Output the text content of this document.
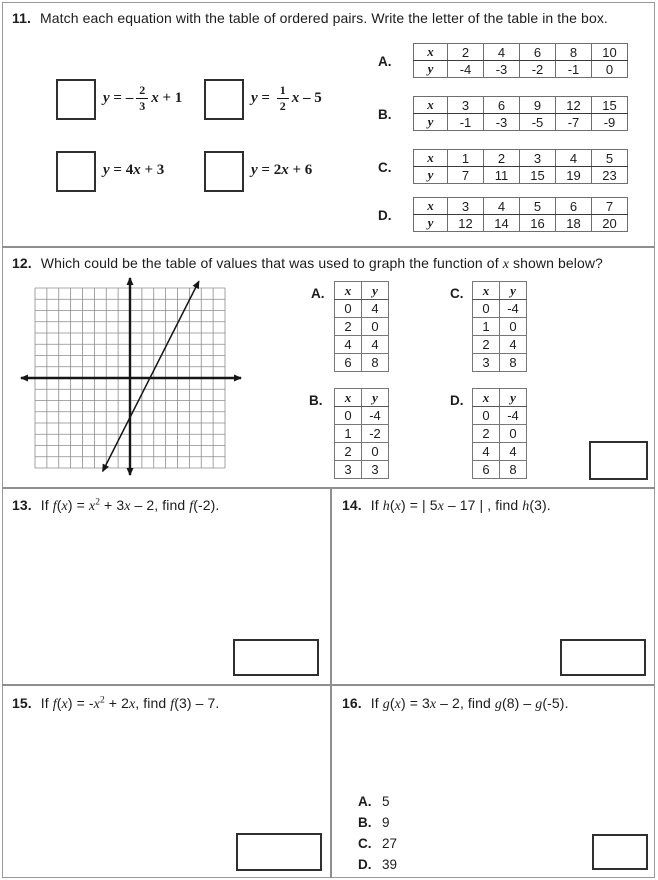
11. Match each equation with the table of ordered pairs. Write the letter of the table in the box.
y = – $\frac{2}{3}$ x + 1	$y = \frac{1}{2}$ x – 5
y = 4 x + 3	y = 2 x + 6
A.
x	2	4	6	8	10
y	-4	-3	-2	-1	0
B.
x	3	6	9	12	15
y	-1	-3	-5	-7	-9
C.
x	1	2	3	4	5
y	7	11	15	19	23
D.
x	3	4	5	6	7
y	12	14	16	18	20
12. Which could be the table of values that was used to graph the function of x shown below?
A. x	y
0	4
2	0
4	4
6	8
C. x	y
0	-4
1	0
2	4
3	8
B. x	y
0	-4
1	-2
2	0
3	3
D. x	y
0	-4
2	0
4	4
6	8
13. If $f(x) = x^2 + 3x - 2$, find f(-2).	14. If h(x) = | 5x – 17 | , find h(3).
15. If $f(x) = -x^2 + 2x$, find f(3) – 7.	16. If g(x) = 3x – 2, find g(8) – g(-5).
A. 5
B. 9
C. 27
D. 39
